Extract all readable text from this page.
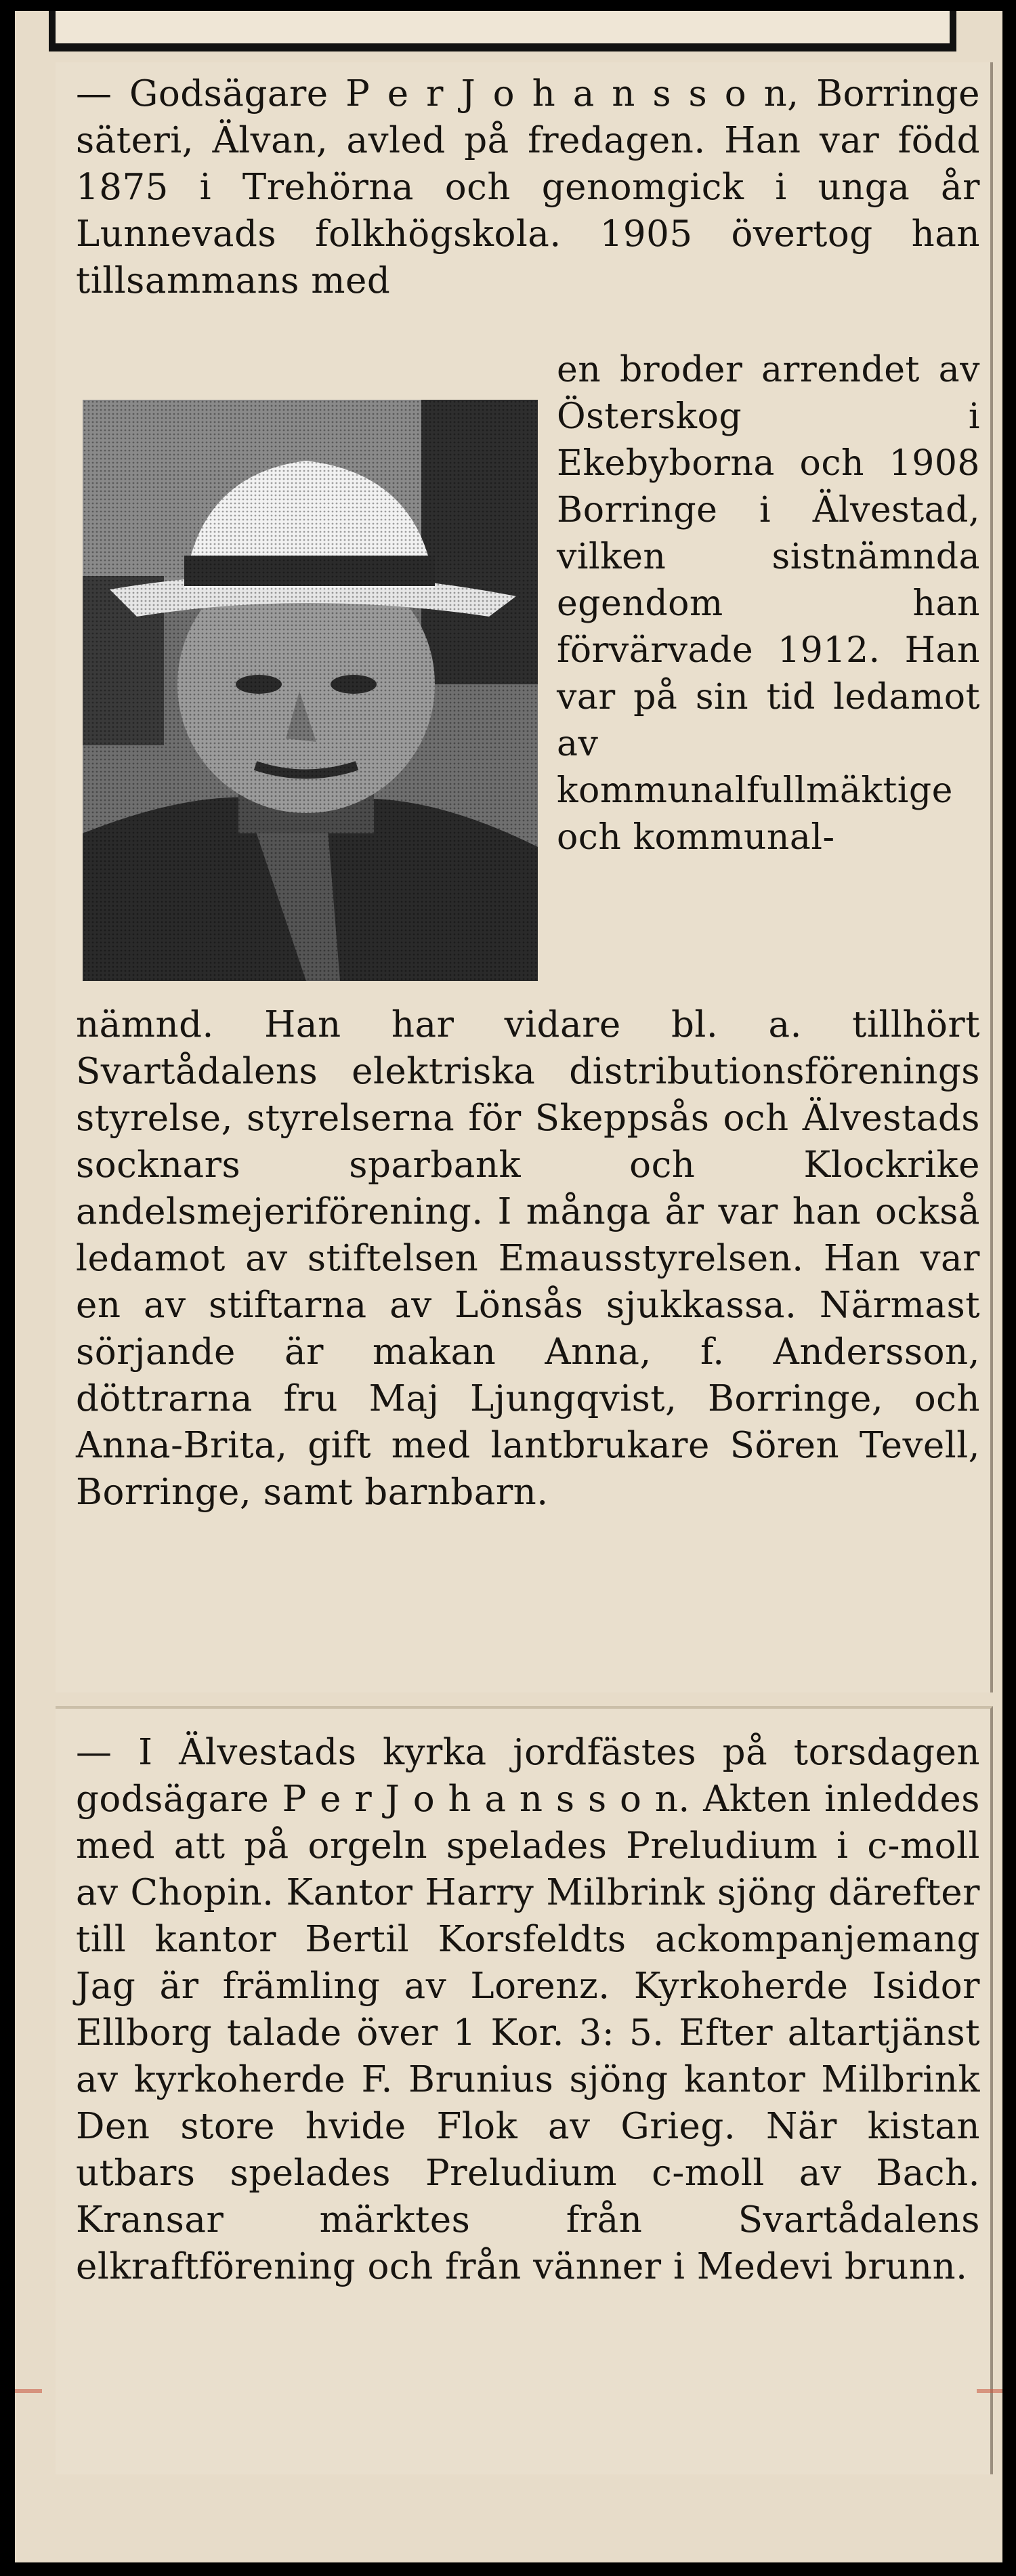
— Godsägare P e r J o h a n s s o n, Borringe säteri, Älvan, avled på fredagen. Han var född 1875 i Trehörna och genomgick i unga år Lunnevads folkhögskola. 1905 övertog han tillsammans med

en broder arrendet av Österskog i Ekebyborna och 1908 Borringe i Älvestad, vilken sistnämnda egendom han förvärvade 1912. Han var på sin tid ledamot av kommunalfullmäktige och kommunal-

nämnd. Han har vidare bl. a. tillhört Svartådalens elektriska distributionsförenings styrelse, styrelserna för Skeppsås och Älvestads socknars sparbank och Klockrike andelsmejeriförening. I många år var han också ledamot av stiftelsen Emausstyrelsen. Han var en av stiftarna av Lönsås sjukkassa. Närmast sörjande är makan Anna, f. Andersson, döttrarna fru Maj Ljungqvist, Borringe, och Anna-Brita, gift med lantbrukare Sören Tevell, Borringe, samt barnbarn.

— I Älvestads kyrka jordfästes på torsdagen godsägare P e r J o h a n s s o n. Akten inleddes med att på orgeln spelades Preludium i c-moll av Chopin. Kantor Harry Milbrink sjöng därefter till kantor Bertil Korsfeldts ackompanjemang Jag är främling av Lorenz. Kyrkoherde Isidor Ellborg talade över 1 Kor. 3: 5. Efter altartjänst av kyrkoherde F. Brunius sjöng kantor Milbrink Den store hvide Flok av Grieg. När kistan utbars spelades Preludium c-moll av Bach. Kransar märktes från Svartådalens elkraftförening och från vänner i Medevi brunn.
